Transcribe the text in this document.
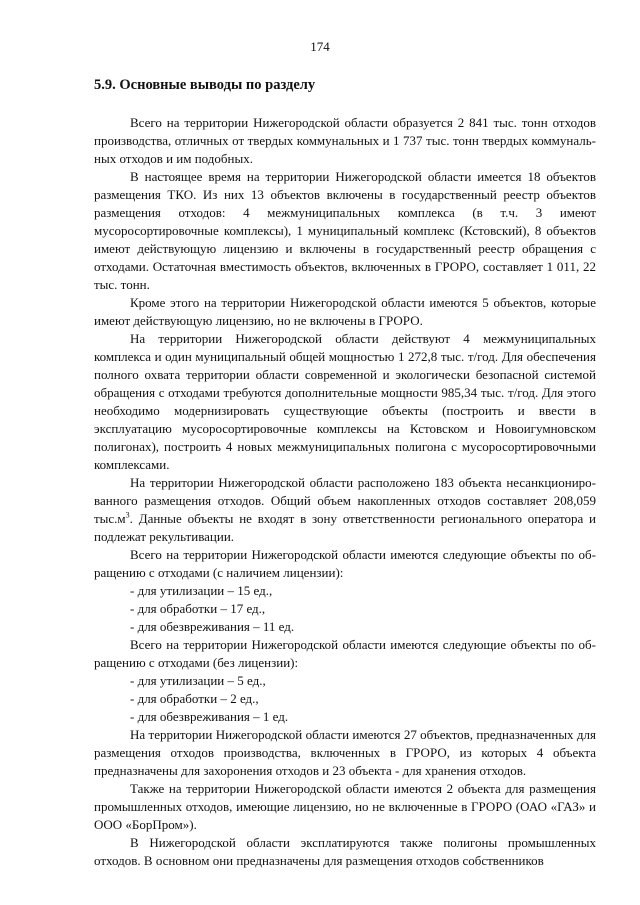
174
5.9. Основные выводы по разделу

Всего на территории Нижегородской области образуется 2 841 тыс. тонн отходов производства, отличных от твердых коммунальных и 1 737 тыс. тонн твердых коммуналь-ных отходов и им подобных.

В настоящее время на территории Нижегородской области имеется 18 объектов размещения ТКО. Из них 13 объектов включены в государственный реестр объектов размещения отходов: 4 межмуниципальных комплекса (в т.ч. 3 имеют мусоросортировочные комплексы), 1 муниципальный комплекс (Кстовский), 8 объектов имеют действующую лицензию и включены в государственный реестр обращения с отходами. Остаточная вместимость объектов, включенных в ГРОРО, составляет 1 011, 22 тыс. тонн.

Кроме этого на территории Нижегородской области имеются 5 объектов, которые имеют действующую лицензию, но не включены в ГРОРО.

На территории Нижегородской области действуют 4 межмуниципальных комплекса и один муниципальный общей мощностью 1 272,8 тыс. т/год. Для обеспечения полного охвата территории области современной и экологически безопасной системой обращения с отходами требуются дополнительные мощности 985,34 тыс. т/год. Для этого необходимо модернизировать существующие объекты (построить и ввести в эксплуатацию мусоросортировочные комплексы на Кстовском и Новоигумновском полигонах), построить 4 новых межмуниципальных полигона с мусоросортировочными комплексами.

На территории Нижегородской области расположено 183 объекта несанкциониро-ванного размещения отходов. Общий объем накопленных отходов составляет 208,059 $тыс.м^3$. Данные объекты не входят в зону ответственности регионального оператора и подлежат рекультивации.

Всего на территории Нижегородской области имеются следующие объекты по об-ращению с отходами (с наличием лицензии):

- для утилизации – 15 ед.,
- для обработки – 17 ед.,
- для обезвреживания – 11 ед.

Всего на территории Нижегородской области имеются следующие объекты по об-ращению с отходами (без лицензии):

- для утилизации – 5 ед.,
- для обработки – 2 ед.,
- для обезвреживания – 1 ед.

На территории Нижегородской области имеются 27 объектов, предназначенных для размещения отходов производства, включенных в ГРОРО, из которых 4 объекта предназначены для захоронения отходов и 23 объекта - для хранения отходов.

Также на территории Нижегородской области имеются 2 объекта для размещения промышленных отходов, имеющие лицензию, но не включенные в ГРОРО (ОАО «ГАЗ» и ООО «БорПром»).

В Нижегородской области эксплатируются также полигоны промышленных отходов. В основном они предназначены для размещения отходов собственников
